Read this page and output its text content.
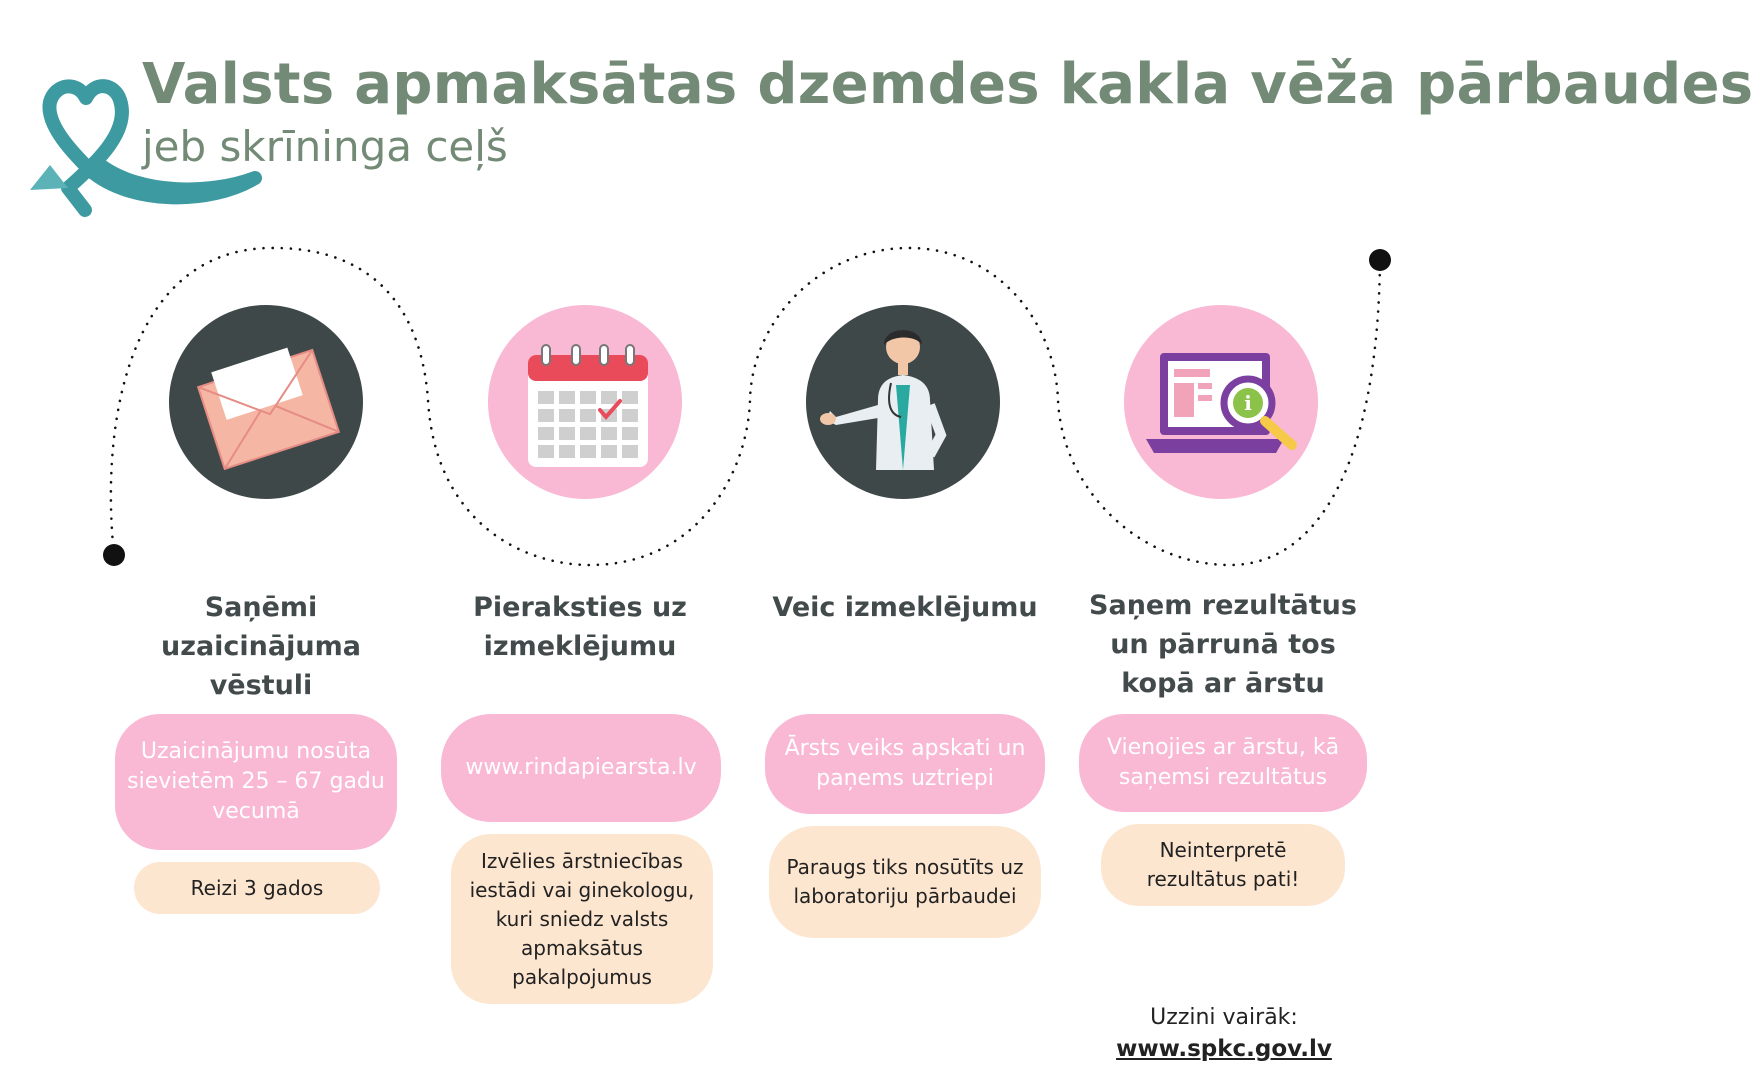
Valsts apmaksātas dzemdes kakla vēža pārbaudes
jeb skrīninga ceļš
i
Saņēmi uzaicinājuma vēstuli
Uzaicinājumu nosūta sievietēm 25 – 67 gadu vecumā
Reizi 3 gados
Pieraksties uz izmeklējumu
www.rindapiearsta.lv
Izvēlies ārstniecības iestādi vai ginekologu, kuri sniedz valsts apmaksātus pakalpojumus
Veic izmeklējumu
Ārsts veiks apskati un paņems uztriepi
Paraugs tiks nosūtīts uz laboratoriju pārbaudei
Saņem rezultātus un pārrunā tos kopā ar ārstu
Vienojies ar ārstu, kā saņemsi rezultātus
Neinterpretē rezultātus pati!
Uzzini vairāk:
www.spkc.gov.lv
